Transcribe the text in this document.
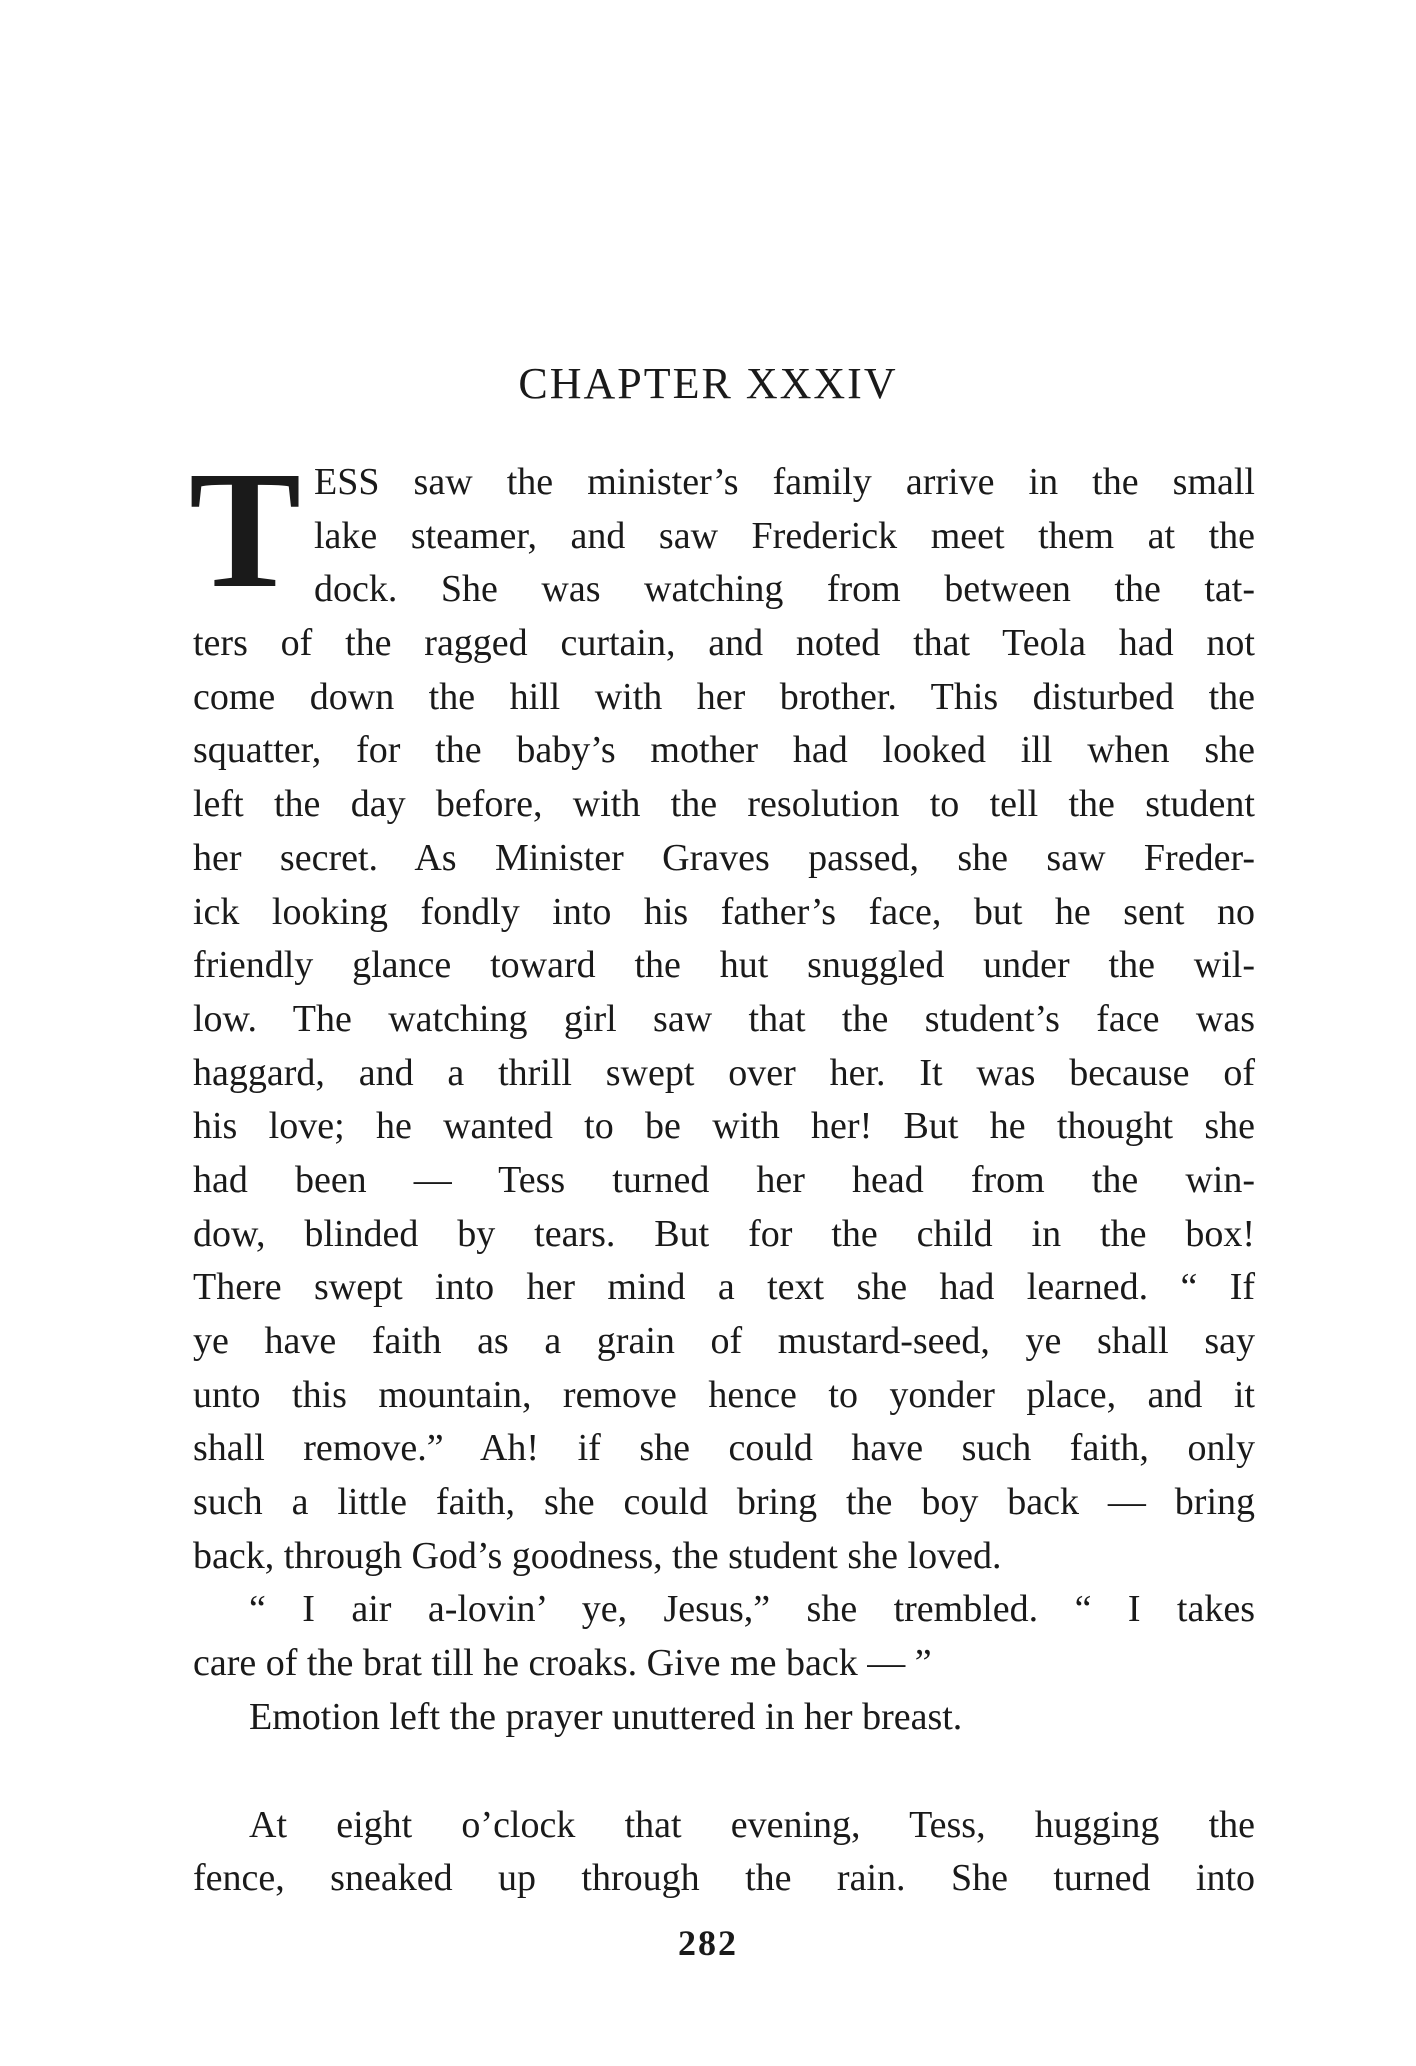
CHAPTER XXXIV
T ESS saw the minister’s family arrive in the small
lake steamer, and saw Frederick meet them at the
dock. She was watching from between the tat-
ters of the ragged curtain, and noted that Teola had not
come down the hill with her brother. This disturbed the
squatter, for the baby’s mother had looked ill when she
left the day before, with the resolution to tell the student
her secret. As Minister Graves passed, she saw Freder-
ick looking fondly into his father’s face, but he sent no
friendly glance toward the hut snuggled under the wil-
low. The watching girl saw that the student’s face was
haggard, and a thrill swept over her. It was because of
his love; he wanted to be with her! But he thought she
had been — Tess turned her head from the win-
dow, blinded by tears. But for the child in the box!
There swept into her mind a text she had learned. “ If
ye have faith as a grain of mustard-seed, ye shall say
unto this mountain, remove hence to yonder place, and it
shall remove.” Ah! if she could have such faith, only
such a little faith, she could bring the boy back — bring
back, through God’s goodness, the student she loved.
“ I air a-lovin’ ye, Jesus,” she trembled. “ I takes
care of the brat till he croaks. Give me back — ”
Emotion left the prayer unuttered in her breast.
At eight o’clock that evening, Tess, hugging the
fence, sneaked up through the rain. She turned into
282
